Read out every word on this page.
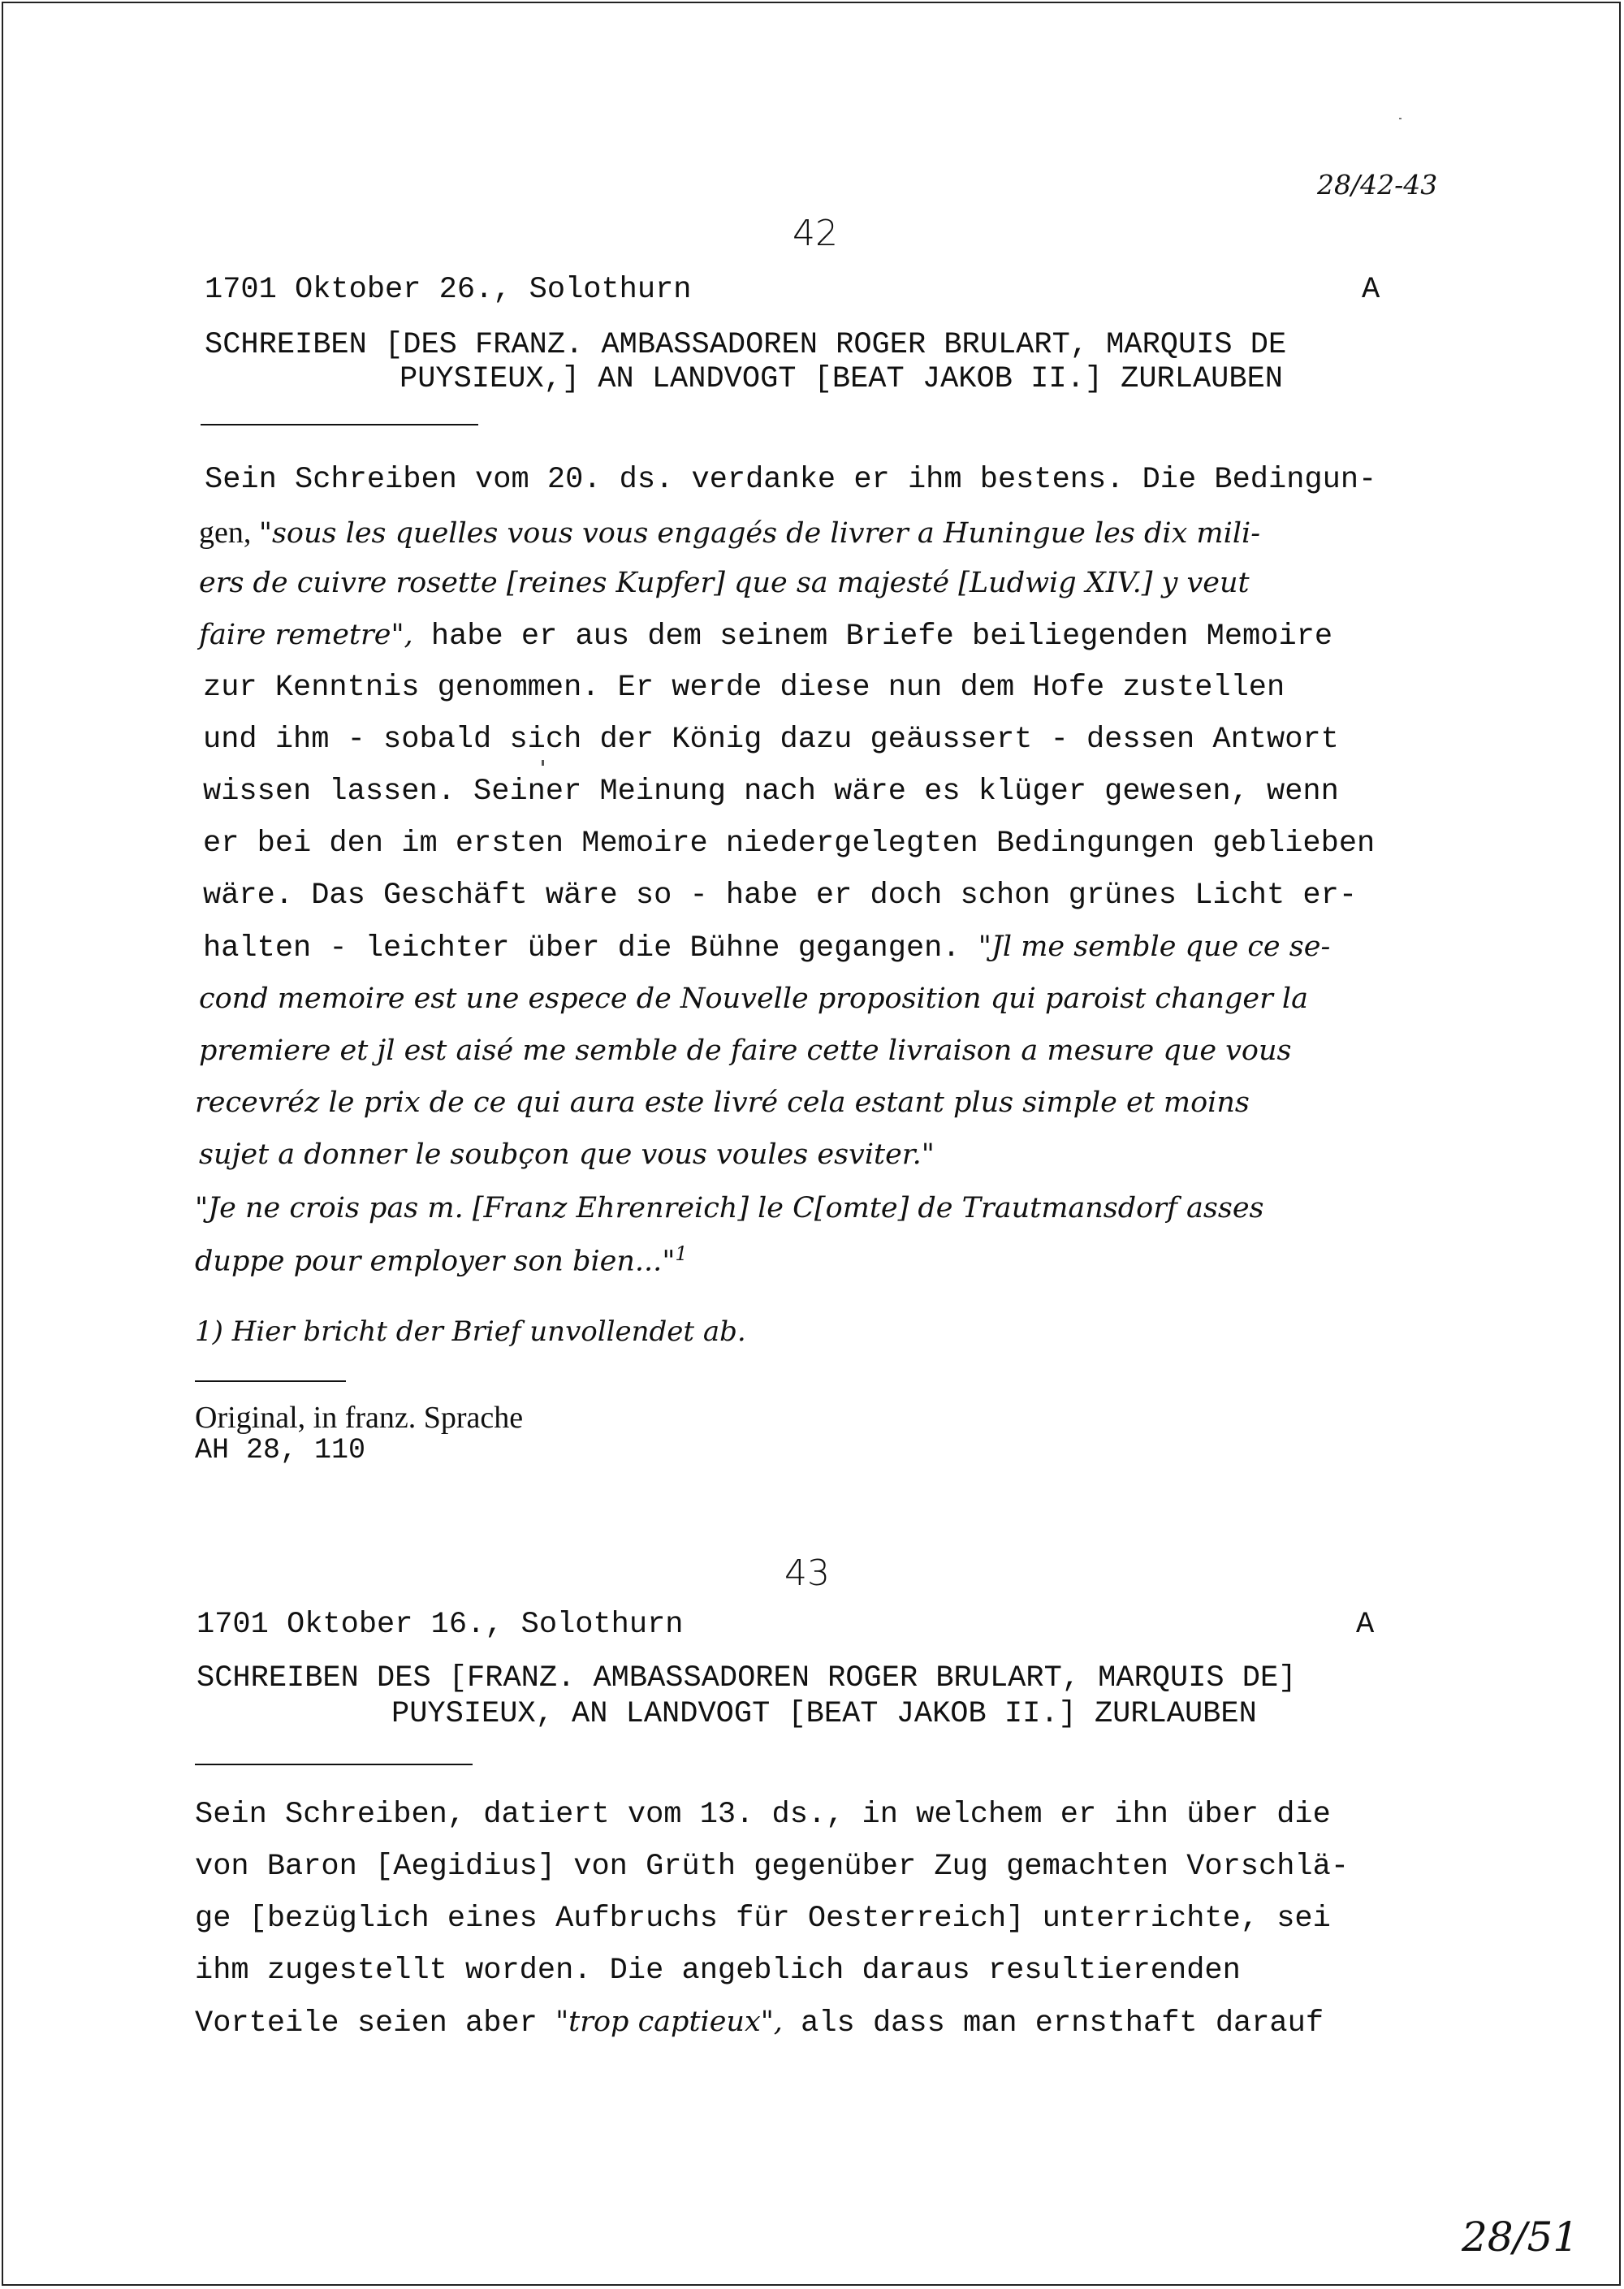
28/42-43
42
1701 Oktober 26., Solothurn	A
SCHREIBEN [DES FRANZ. AMBASSADOREN ROGER BRULART, MARQUIS DE
PUYSIEUX,] AN LANDVOGT [BEAT JAKOB II.] ZURLAUBEN
Sein Schreiben vom 20. ds. verdanke er ihm bestens. Die Bedingun-
gen, "sous les quelles vous vous engagés de livrer a Huningue les dix mili-
ers de cuivre rosette [reines Kupfer] que sa majesté [Ludwig XIV.] y veut
faire remetre", habe er aus dem seinem Briefe beiliegenden Memoire
zur Kenntnis genommen. Er werde diese nun dem Hofe zustellen
und ihm - sobald sich der König dazu geäussert - dessen Antwort
wissen lassen. Seiner Meinung nach wäre es klüger gewesen, wenn
er bei den im ersten Memoire niedergelegten Bedingungen geblieben
wäre. Das Geschäft wäre so - habe er doch schon grünes Licht er-
halten - leichter über die Bühne gegangen. "Jl me semble que ce se-
cond memoire est une espece de Nouvelle proposition qui paroist changer la
premiere et jl est aisé me semble de faire cette livraison a mesure que vous
recevréz le prix de ce qui aura este livré cela estant plus simple et moins
sujet a donner le soubçon que vous voules esviter."
"Je ne crois pas m. [Franz Ehrenreich] le C[omte] de Trautmansdorf asses
duppe pour employer son bien..."$^1$
1) Hier bricht der Brief unvollendet ab.
Original, in franz. Sprache
AH 28, 110
43
1701 Oktober 16., Solothurn	A
SCHREIBEN DES [FRANZ. AMBASSADOREN ROGER BRULART, MARQUIS DE]
PUYSIEUX, AN LANDVOGT [BEAT JAKOB II.] ZURLAUBEN
Sein Schreiben, datiert vom 13. ds., in welchem er ihn über die
von Baron [Aegidius] von Grüth gegenüber Zug gemachten Vorschlä-
ge [bezüglich eines Aufbruchs für Oesterreich] unterrichte, sei
ihm zugestellt worden. Die angeblich daraus resultierenden
Vorteile seien aber "trop captieux", als dass man ernsthaft darauf
28/51
